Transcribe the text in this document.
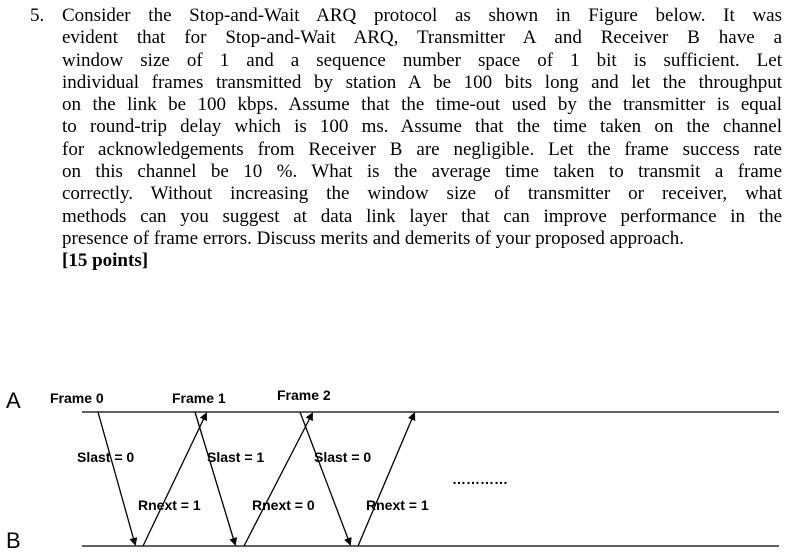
5. Consider the Stop-and-Wait ARQ protocol as shown in Figure below. It was
evident that for Stop-and-Wait ARQ, Transmitter A and Receiver B have a
window size of 1 and a sequence number space of 1 bit is sufficient. Let
individual frames transmitted by station A be 100 bits long and let the throughput
on the link be 100 kbps. Assume that the time-out used by the transmitter is equal
to round-trip delay which is 100 ms. Assume that the time taken on the channel
for acknowledgements from Receiver B are negligible. Let the frame success rate
on this channel be 10 %. What is the average time taken to transmit a frame
correctly. Without increasing the window size of transmitter or receiver, what
methods can you suggest at data link layer that can improve performance in the
presence of frame errors. Discuss merits and demerits of your proposed approach.
[15 points]
A
B
Frame 0	Frame 1	Frame 2
Slast = 0	Slast = 1	Slast = 0
Rnext = 1	Rnext = 0	Rnext = 1
…………
